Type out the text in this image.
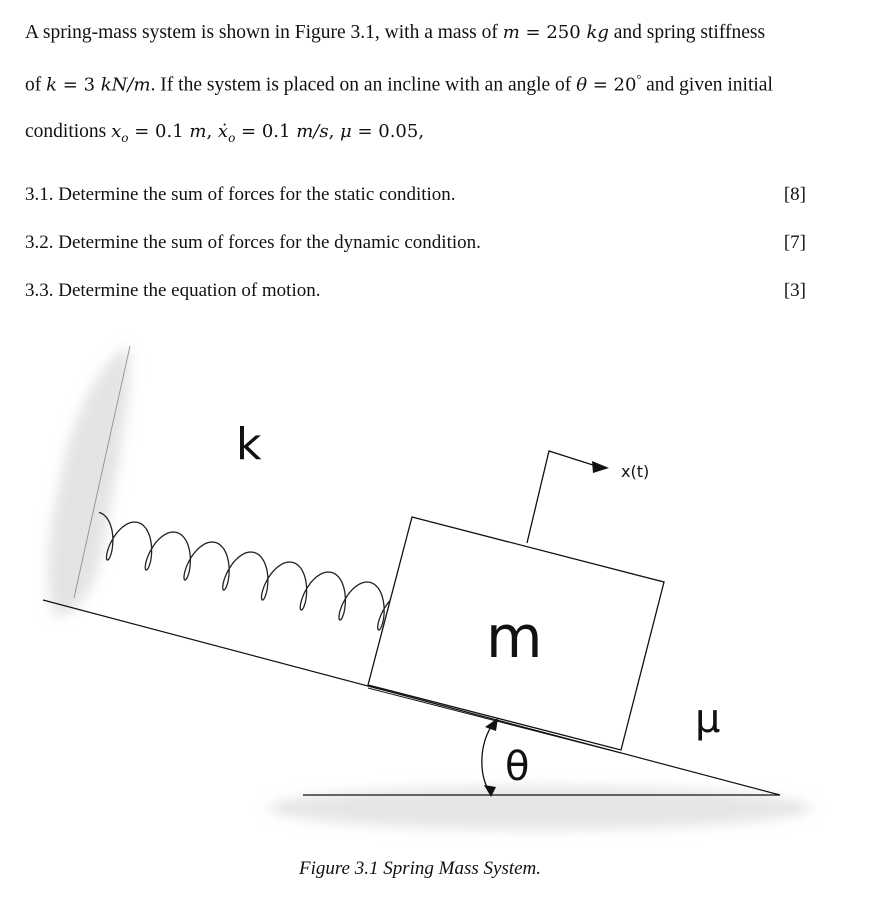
A spring-mass system is shown in Figure 3.1, with a mass of m = 250 kg and spring stiffness
of k = 3 kN/m. If the system is placed on an incline with an angle of θ = 20° and given initial
conditions $x_o = 0.1$ m, ẋ$_o$ = 0.1 m/s, μ = 0.05,
3.1. Determine the sum of forces for the static condition.	[8]
3.2. Determine the sum of forces for the dynamic condition.	[7]
3.3. Determine the equation of motion.	[3]
k
m
x(t)
μ
θ
Figure 3.1 Spring Mass System.
